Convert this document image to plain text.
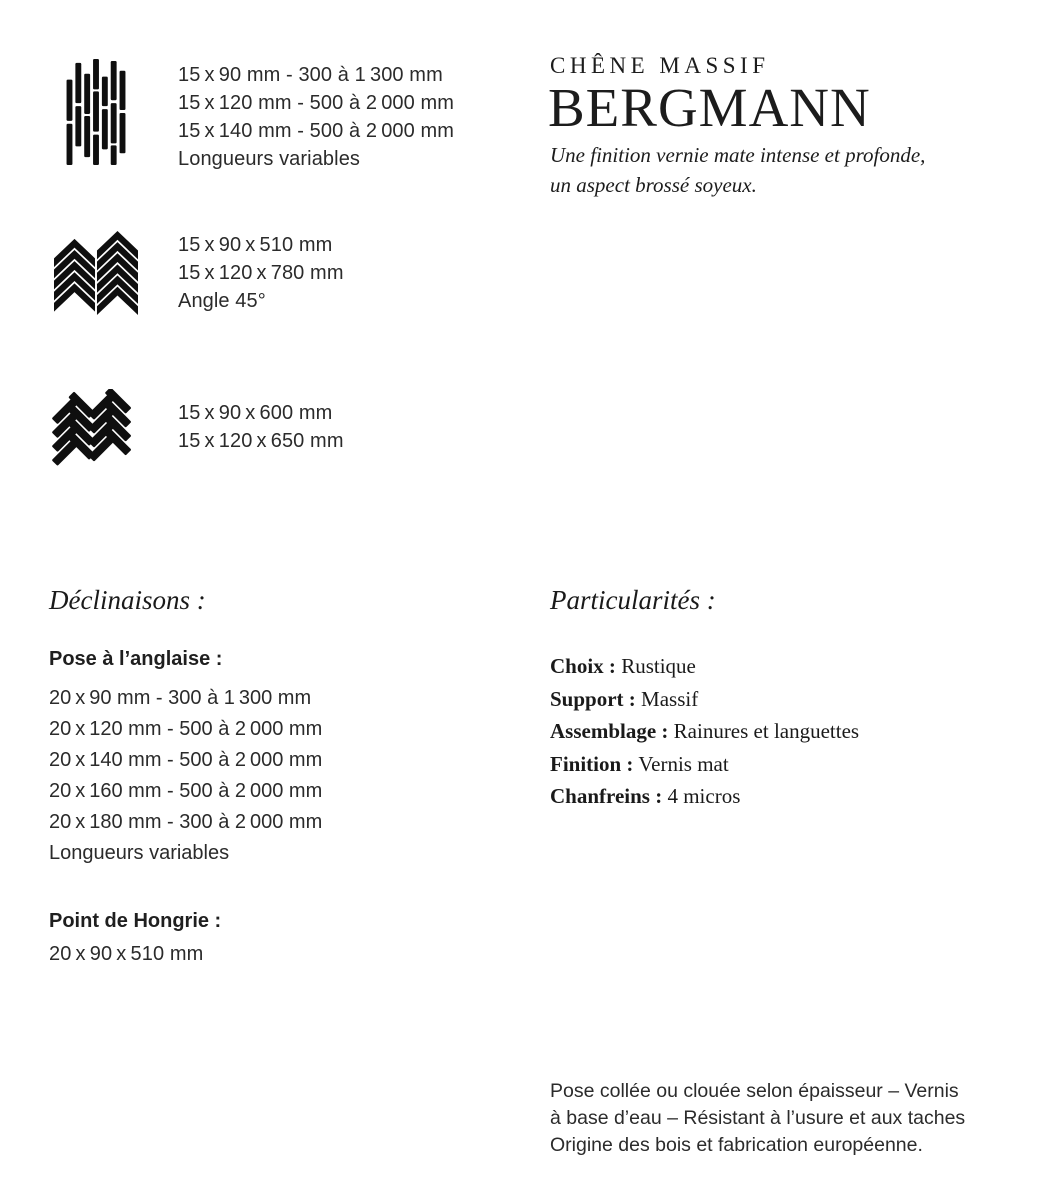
15 x 90 mm - 300 à 1 300 mm
15 x 120 mm - 500 à 2 000 mm
15 x 140 mm - 500 à 2 000 mm
Longueurs variables
CHÊNE MASSIF
BERGMANN
Une finition vernie mate intense et profonde,
un aspect brossé soyeux.
15 x 90 x 510 mm
15 x 120 x 780 mm
Angle 45°
15 x 90 x 600 mm
15 x 120 x 650 mm
Déclinaisons :
Pose à l’anglaise :
20 x 90 mm - 300 à 1 300 mm
20 x 120 mm - 500 à 2 000 mm
20 x 140 mm - 500 à 2 000 mm
20 x 160 mm - 500 à 2 000 mm
20 x 180 mm - 300 à 2 000 mm
Longueurs variables
Point de Hongrie :
20 x 90 x 510 mm
Particularités :
Choix : Rustique
Support : Massif
Assemblage : Rainures et languettes
Finition : Vernis mat
Chanfreins : 4 micros
Pose collée ou clouée selon épaisseur – Vernis
à base d’eau – Résistant à l’usure et aux taches
Origine des bois et fabrication européenne.
